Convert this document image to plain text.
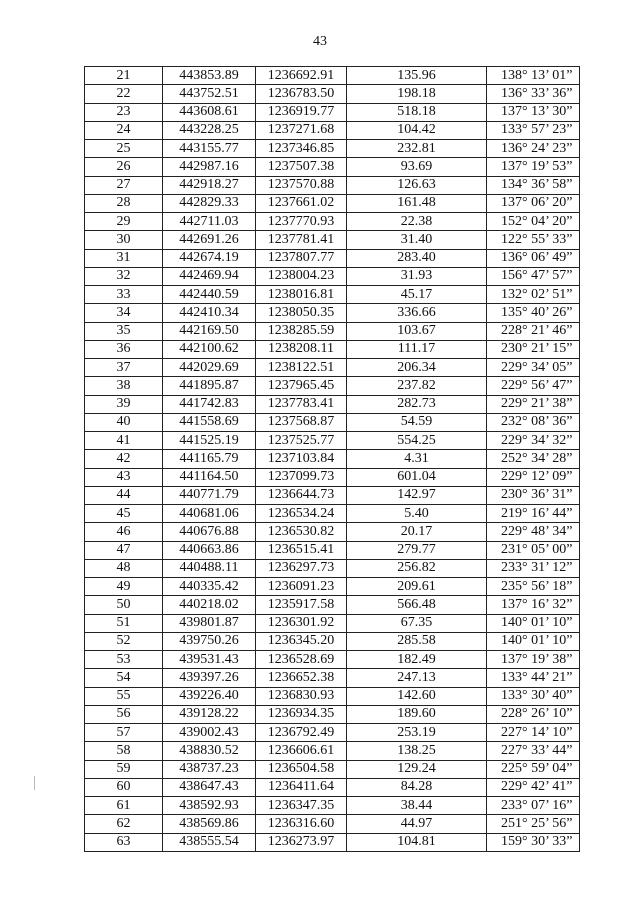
43
21	443853.89	1236692.91	135.96	138° 13’ 01”
22	443752.51	1236783.50	198.18	136° 33’ 36”
23	443608.61	1236919.77	518.18	137° 13’ 30”
24	443228.25	1237271.68	104.42	133° 57’ 23”
25	443155.77	1237346.85	232.81	136° 24’ 23”
26	442987.16	1237507.38	93.69	137° 19’ 53”
27	442918.27	1237570.88	126.63	134° 36’ 58”
28	442829.33	1237661.02	161.48	137° 06’ 20”
29	442711.03	1237770.93	22.38	152° 04’ 20”
30	442691.26	1237781.41	31.40	122° 55’ 33”
31	442674.19	1237807.77	283.40	136° 06’ 49”
32	442469.94	1238004.23	31.93	156° 47’ 57”
33	442440.59	1238016.81	45.17	132° 02’ 51”
34	442410.34	1238050.35	336.66	135° 40’ 26”
35	442169.50	1238285.59	103.67	228° 21’ 46”
36	442100.62	1238208.11	111.17	230° 21’ 15”
37	442029.69	1238122.51	206.34	229° 34’ 05”
38	441895.87	1237965.45	237.82	229° 56’ 47”
39	441742.83	1237783.41	282.73	229° 21’ 38”
40	441558.69	1237568.87	54.59	232° 08’ 36”
41	441525.19	1237525.77	554.25	229° 34’ 32”
42	441165.79	1237103.84	4.31	252° 34’ 28”
43	441164.50	1237099.73	601.04	229° 12’ 09”
44	440771.79	1236644.73	142.97	230° 36’ 31”
45	440681.06	1236534.24	5.40	219° 16’ 44”
46	440676.88	1236530.82	20.17	229° 48’ 34”
47	440663.86	1236515.41	279.77	231° 05’ 00”
48	440488.11	1236297.73	256.82	233° 31’ 12”
49	440335.42	1236091.23	209.61	235° 56’ 18”
50	440218.02	1235917.58	566.48	137° 16’ 32”
51	439801.87	1236301.92	67.35	140° 01’ 10”
52	439750.26	1236345.20	285.58	140° 01’ 10”
53	439531.43	1236528.69	182.49	137° 19’ 38”
54	439397.26	1236652.38	247.13	133° 44’ 21”
55	439226.40	1236830.93	142.60	133° 30’ 40”
56	439128.22	1236934.35	189.60	228° 26’ 10”
57	439002.43	1236792.49	253.19	227° 14’ 10”
58	438830.52	1236606.61	138.25	227° 33’ 44”
59	438737.23	1236504.58	129.24	225° 59’ 04”
60	438647.43	1236411.64	84.28	229° 42’ 41”
61	438592.93	1236347.35	38.44	233° 07’ 16”
62	438569.86	1236316.60	44.97	251° 25’ 56”
63	438555.54	1236273.97	104.81	159° 30’ 33”
